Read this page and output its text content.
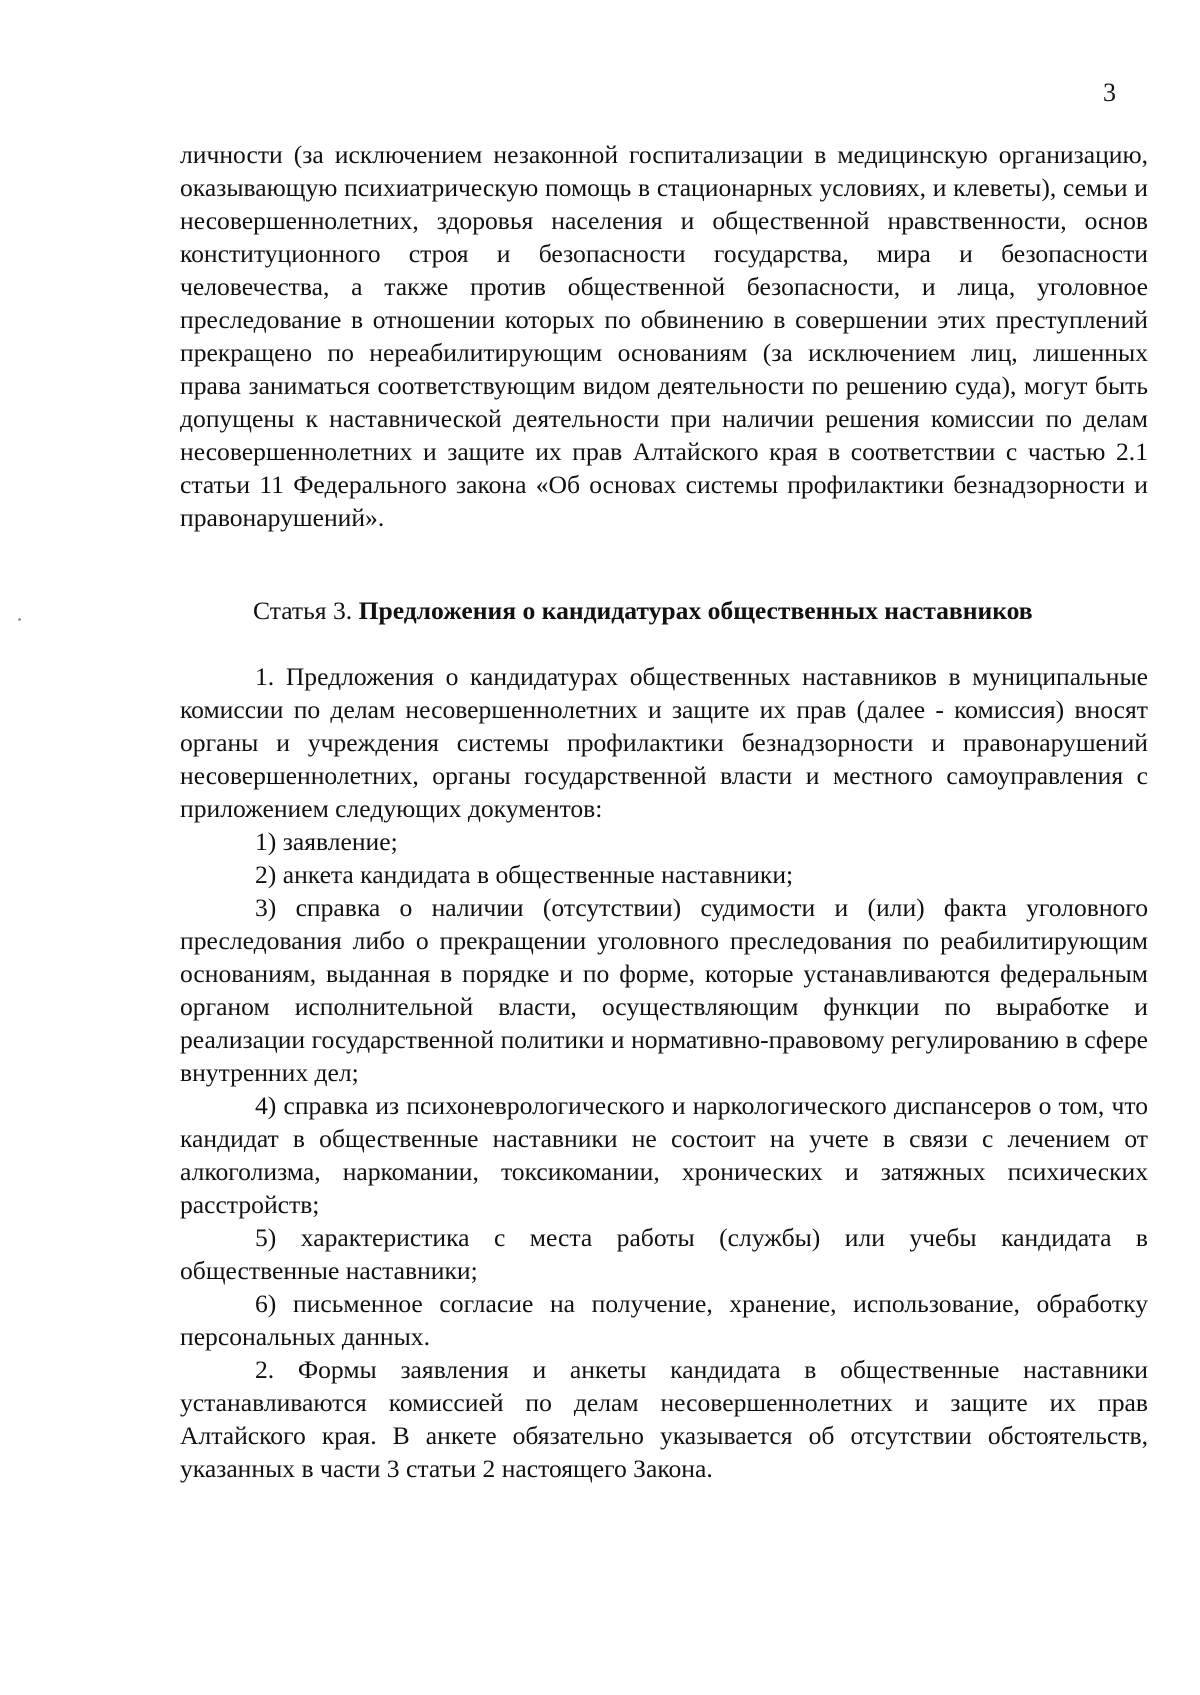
3

личности (за исключением незаконной госпитализации в медицинскую организацию, оказывающую психиатрическую помощь в стационарных условиях, и клеветы), семьи и несовершеннолетних, здоровья населения и общественной нравственности, основ конституционного строя и безопасности государства, мира и безопасности человечества, а также против общественной безопасности, и лица, уголовное преследование в отношении которых по обвинению в совершении этих преступлений прекращено по нереабилитирующим основаниям (за исключением лиц, лишенных права заниматься соответствующим видом деятельности по решению суда), могут быть допущены к наставнической деятельности при наличии решения комиссии по делам несовершеннолетних и защите их прав Алтайского края в соответствии с частью 2.1 статьи 11 Федерального закона «Об основах системы профилактики безнадзорности и правонарушений».

Статья 3. Предложения о кандидатурах общественных наставников

1. Предложения о кандидатурах общественных наставников в муниципальные комиссии по делам несовершеннолетних и защите их прав (далее - комиссия) вносят органы и учреждения системы профилактики безнадзорности и правонарушений несовершеннолетних, органы государственной власти и местного самоуправления с приложением следующих документов:

1) заявление;

2) анкета кандидата в общественные наставники;

3) справка о наличии (отсутствии) судимости и (или) факта уголовного преследования либо о прекращении уголовного преследования по реабилитирующим основаниям, выданная в порядке и по форме, которые устанавливаются федеральным органом исполнительной власти, осуществляющим функции по выработке и реализации государственной политики и нормативно-правовому регулированию в сфере внутренних дел;

4) справка из психоневрологического и наркологического диспансеров о том, что кандидат в общественные наставники не состоит на учете в связи с лечением от алкоголизма, наркомании, токсикомании, хронических и затяжных психических расстройств;

5) характеристика с места работы (службы) или учебы кандидата в общественные наставники;

6) письменное согласие на получение, хранение, использование, обработку персональных данных.

2. Формы заявления и анкеты кандидата в общественные наставники устанавливаются комиссией по делам несовершеннолетних и защите их прав Алтайского края. В анкете обязательно указывается об отсутствии обстоятельств, указанных в части 3 статьи 2 настоящего Закона.
